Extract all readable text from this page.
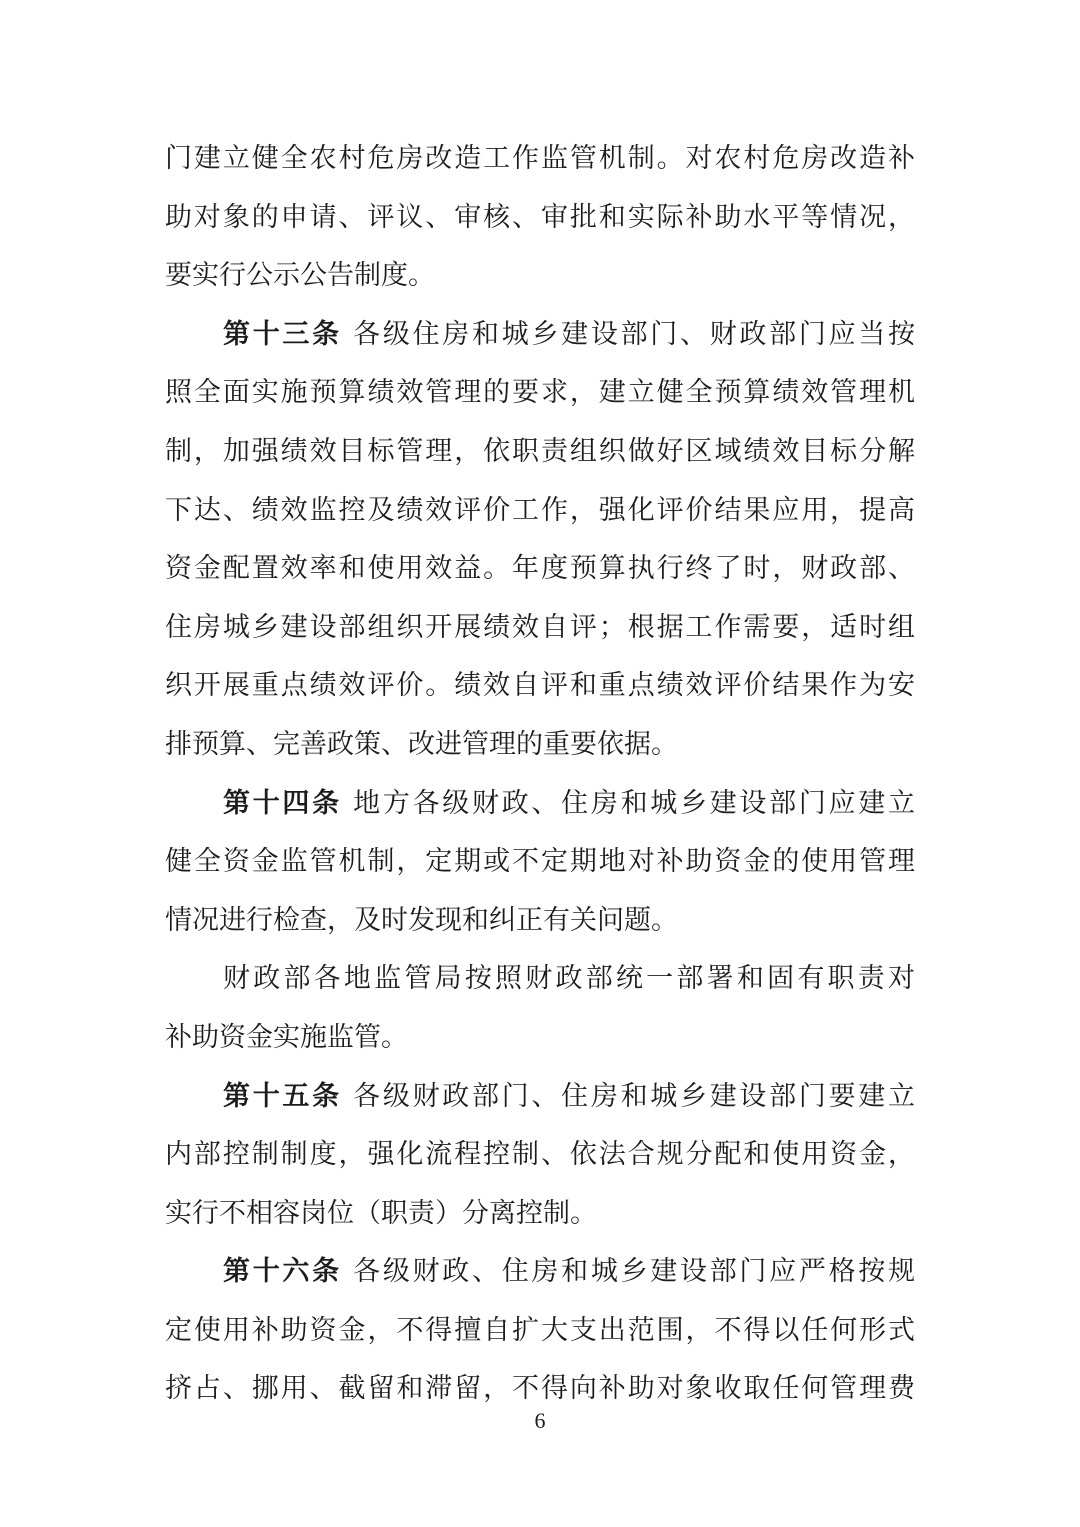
门建立健全农村危房改造工作监管机制。对农村危房改造补
助对象的申请、评议、审核、审批和实际补助水平等情况，
要实行公示公告制度。
第十三条 各级住房和城乡建设部门、财政部门应当按
照全面实施预算绩效管理的要求，建立健全预算绩效管理机
制，加强绩效目标管理，依职责组织做好区域绩效目标分解
下达、绩效监控及绩效评价工作，强化评价结果应用，提高
资金配置效率和使用效益。年度预算执行终了时，财政部、
住房城乡建设部组织开展绩效自评；根据工作需要，适时组
织开展重点绩效评价。绩效自评和重点绩效评价结果作为安
排预算、完善政策、改进管理的重要依据。
第十四条 地方各级财政、住房和城乡建设部门应建立
健全资金监管机制，定期或不定期地对补助资金的使用管理
情况进行检查，及时发现和纠正有关问题。
财政部各地监管局按照财政部统一部署和固有职责对
补助资金实施监管。
第十五条 各级财政部门、住房和城乡建设部门要建立
内部控制制度，强化流程控制、依法合规分配和使用资金，
实行不相容岗位（职责）分离控制。
第十六条 各级财政、住房和城乡建设部门应严格按规
定使用补助资金，不得擅自扩大支出范围，不得以任何形式
挤占、挪用、截留和滞留，不得向补助对象收取任何管理费
6
